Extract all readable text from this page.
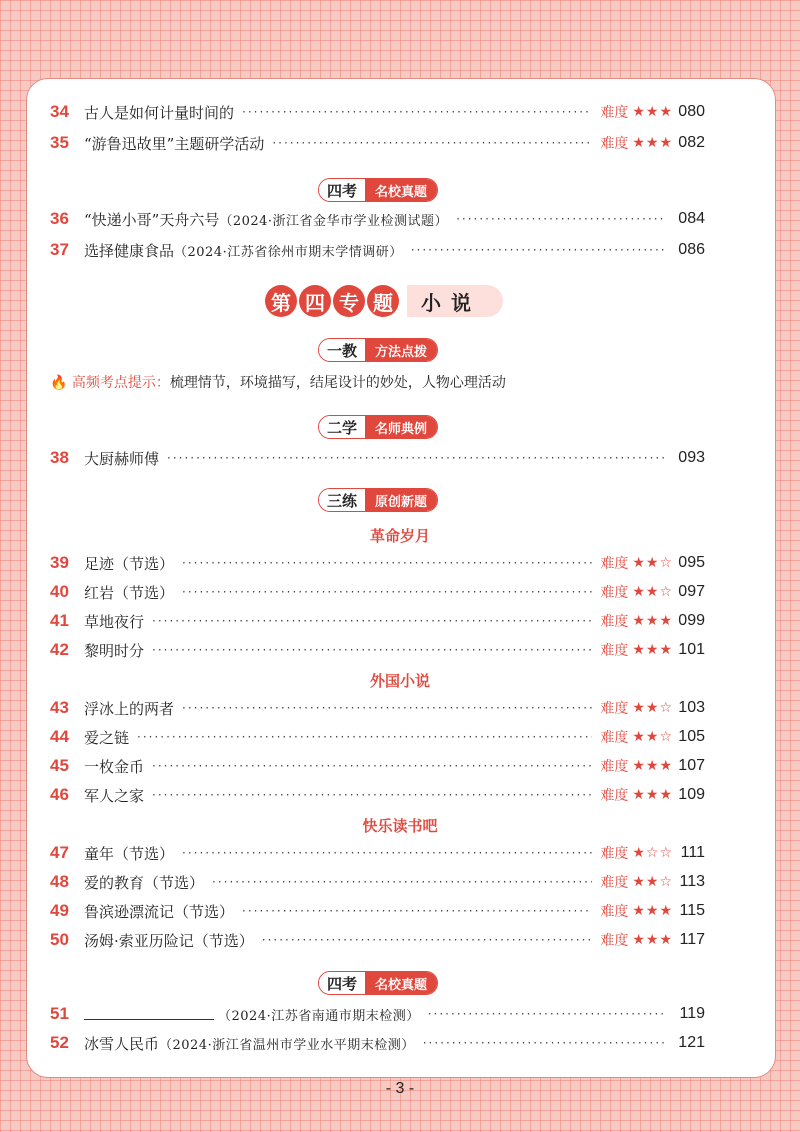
34	古人是如何计量时间的 ·····	难度 ★★★ 080
35	“游鲁迅故里”主题研学活动 ·····	难度 ★★★ 082
36	“快递小哥”天舟六号（2024·浙江省金华市学业检测试题） ·····	084
37	选择健康食品（2024·江苏省徐州市期末学情调研） ·····	086
38	大厨赫师傅 ·····	093
39	足迹（节选） ·····	难度 ★★☆ 095
40	红岩（节选） ·····	难度 ★★☆ 097
41	草地夜行 ·····	难度 ★★★ 099
42	黎明时分 ·····	难度 ★★★ 101
43	浮冰上的两者 ·····	难度 ★★☆ 103
44	爱之链 ·····	难度 ★★☆ 105
45	一枚金币 ·····	难度 ★★★ 107
46	军人之家 ·····	难度 ★★★ 109
47	童年（节选） ·····	难度 ★☆☆ 111
48	爱的教育（节选） ·····	难度 ★★☆ 113
49	鲁滨逊漂流记（节选） ·····	难度 ★★★ 115
50	汤姆·索亚历险记（节选） ·····	难度 ★★★ 117
51	（2024·江苏省南通市期末检测） ·····	119
52	冰雪人民币（2024·浙江省温州市学业水平期末检测） ·····	121
四考	名校真题
一教	方法点拨
二学	名师典例
三练	原创新题
四考	名校真题
第 四 专 题	小说
🔥 高频考点提示：梳理情节，环境描写，结尾设计的妙处，人物心理活动
革命岁月
外国小说
快乐读书吧
- 3 -
